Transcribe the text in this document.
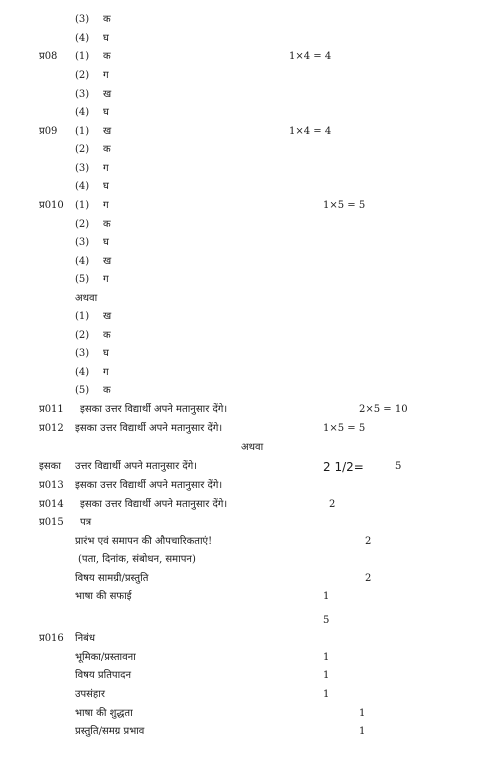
(3) क
(4) घ
प्र08 (1) क	1×4 = 4
(2) ग
(3) ख
(4) घ
प्र09 (1) ख	1×4 = 4
(2) क
(3) ग
(4) घ
प्र010 (1) ग	1×5 = 5
(2) क
(3) घ
(4) ख
(5) ग
अथवा
(1) ख
(2) क
(3) घ
(4) ग
(5) क
प्र011 इसका उत्तर विद्यार्थी अपने मतानुसार देंगे।	2×5 = 10
प्र012 इसका उत्तर विद्यार्थी अपने मतानुसार देंगे।	1×5 = 5
अथवा
इसका उत्तर विद्यार्थी अपने मतानुसार देंगे।	2 1/2=	5
प्र013 इसका उत्तर विद्यार्थी अपने मतानुसार देंगे।
प्र014 इसका उत्तर विद्यार्थी अपने मतानुसार देंगे।	2
प्र015 पत्र
प्रारंभ एवं समापन की औपचारिकताएं!	2
(पता, दिनांक, संबोधन, समापन)
विषय सामग्री/प्रस्तुति	2
भाषा की सफाई	1
5
प्र016 निबंध
भूमिका/प्रस्तावना	1
विषय प्रतिपादन	1
उपसंहार	1
भाषा की शुद्धता	1
प्रस्तुति/समग्र प्रभाव	1
